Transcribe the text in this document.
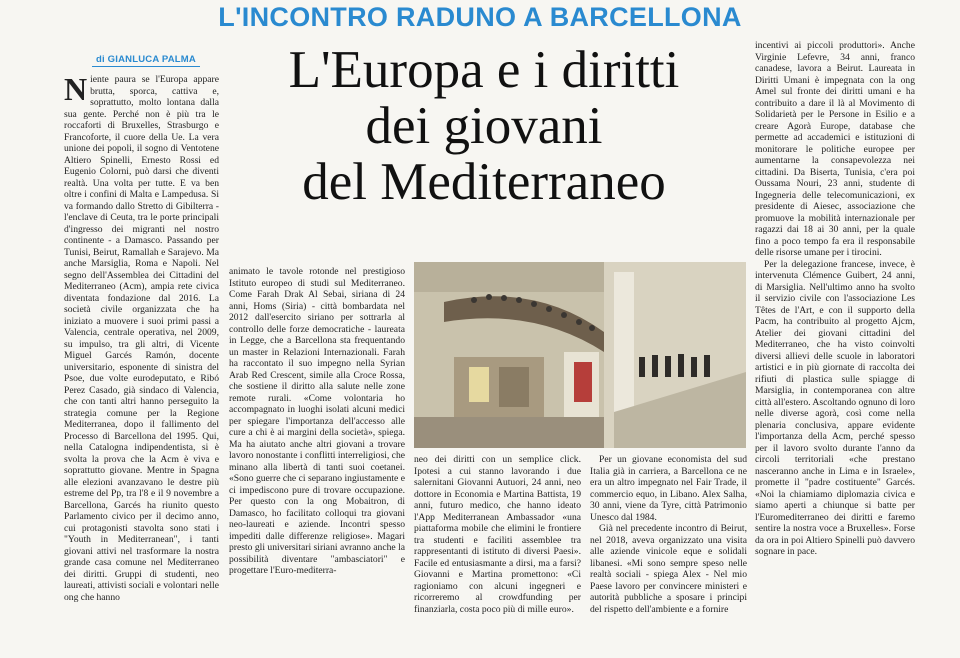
L'INCONTRO RADUNO A BARCELLONA
di GIANLUCA PALMA	L'Europa e i diritti
dei giovani
del Mediterraneo

Niente paura se l'Europa appare brutta, sporca, cattiva e, soprattutto, molto lontana dalla sua gente. Perché non è più tra le roccaforti di Bruxelles, Strasburgo e Francoforte, il cuore della Ue. La vera unione dei popoli, il sogno di Ventotene Altiero Spinelli, Ernesto Rossi ed Eugenio Colorni, può darsi che diventi realtà. Una volta per tutte. E va ben oltre i confini di Malta e Lampedusa. Si va formando dallo Stretto di Gibilterra - l'enclave di Ceuta, tra le porte principali d'ingresso dei migranti nel nostro continente - a Damasco. Passando per Tunisi, Beirut, Ramallah e Sarajevo. Ma anche Marsiglia, Roma e Napoli. Nel segno dell'Assemblea dei Cittadini del Mediterraneo (Acm), ampia rete civica diventata fondazione dal 2016. La società civile organizzata che ha iniziato a muovere i suoi primi passi a Valencia, centrale operativa, nel 2009, su impulso, tra gli altri, di Vicente Miguel Garcés Ramón, docente universitario, esponente di sinistra del Psoe, due volte eurodeputato, e Ribó Perez Casado, già sindaco di Valencia, che con tanti altri hanno perseguito la strategia comune per la Regione Mediterranea, dopo il fallimento del Processo di Barcellona del 1995. Qui, nella Catalogna indipendentista, si è svolta la prova che la Acm è viva e soprattutto giovane. Mentre in Spagna alle elezioni avanzavano le destre più estreme del Pp, tra l'8 e il 9 novembre a Barcellona, Garcés ha riunito questo Parlamento civico per il decimo anno, cui protagonisti stavolta sono stati i "Youth in Mediterranean", i tanti giovani attivi nel trasformare la nostra grande casa comune nel Mediterraneo dei diritti. Gruppi di studenti, neo laureati, attivisti sociali e volontari nelle ong che hanno

animato le tavole rotonde nel prestigioso Istituto europeo di studi sul Mediterraneo. Come Farah Drak Al Sebai, siriana di 24 anni, Homs (Siria) - città bombardata nel 2012 dall'esercito siriano per sottrarla al controllo delle forze democratiche - laureata in Legge, che a Barcellona sta frequentando un master in Relazioni Internazionali. Farah ha raccontato il suo impegno nella Syrian Arab Red Crescent, simile alla Croce Rossa, che sostiene il diritto alla salute nelle zone remote rurali. «Come volontaria ho accompagnato in luoghi isolati alcuni medici per spiegare l'importanza dell'accesso alle cure a chi è ai margini della società», spiega. Ma ha aiutato anche altri giovani a trovare lavoro nonostante i conflitti interreligiosi, che minano alla libertà di tanti suoi coetanei. «Sono guerre che ci separano ingiustamente e ci impediscono pure di trovare occupazione. Per questo con la ong Mobaitron, di Damasco, ho facilitato colloqui tra giovani neo-laureati e aziende. Incontri spesso impediti dalle differenze religiose». Magari presto gli universitari siriani avranno anche la possibilità diventare "ambasciatori" e progettare l'Euro-mediterra-

neo dei diritti con un semplice click. Ipotesi a cui stanno lavorando i due salernitani Giovanni Autuori, 24 anni, neo dottore in Economia e Martina Battista, 19 anni, futuro medico, che hanno ideato l'App Mediterranean Ambassador «una piattaforma mobile che elimini le frontiere tra studenti e faciliti assemblee tra rappresentanti di istituto di diversi Paesi». Facile ed entusiasmante a dirsi, ma a farsi? Giovanni e Martina promettono: «Ci ragioniamo con alcuni ingegneri e ricorreremo al crowdfunding per finanziarla, costa poco più di mille euro».

Per un giovane economista del sud Italia già in carriera, a Barcellona ce ne era un altro impegnato nel Fair Trade, il commercio equo, in Libano. Alex Salha, 30 anni, viene da Tyre, città Patrimonio Unesco dal 1984.

Già nel precedente incontro di Beirut, nel 2018, aveva organizzato una visita alle aziende vinicole eque e solidali libanesi. «Mi sono sempre speso nelle realtà sociali - spiega Alex - Nel mio Paese lavoro per convincere ministeri e autorità pubbliche a sposare i principi del rispetto dell'ambiente e a fornire

incentivi ai piccoli produttori». Anche Virginie Lefevre, 34 anni, franco canadese, lavora a Beirut. Laureata in Diritti Umani è impegnata con la ong Amel sul fronte dei diritti umani e ha contribuito a dare il là al Movimento di Solidarietà per le Persone in Esilio e a creare Agorà Europe, database che permette ad accademici e istituzioni di monitorare le politiche europee per aumentarne la consapevolezza nei cittadini. Da Biserta, Tunisia, c'era poi Oussama Nouri, 23 anni, studente di Ingegneria delle telecomunicazioni, ex presidente di Aiesec, associazione che promuove la mobilità internazionale per ragazzi dai 18 ai 30 anni, per la quale fino a poco tempo fa era il responsabile delle risorse umane per i tirocini.

Per la delegazione francese, invece, è intervenuta Clémence Guibert, 24 anni, di Marsiglia. Nell'ultimo anno ha svolto il servizio civile con l'associazione Les Têtes de l'Art, e con il supporto della Pacm, ha contribuito al progetto Ajcm, Atelier dei giovani cittadini del Mediterraneo, che ha visto coinvolti diversi allievi delle scuole in laboratori artistici e in più giornate di raccolta dei rifiuti di plastica sulle spiagge di Marsiglia, in contemporanea con altre città all'estero. Ascoltando ognuno di loro nelle diverse agorà, così come nella plenaria conclusiva, appare evidente l'importanza della Acm, perché spesso per il lavoro svolto durante l'anno da circoli territoriali «che prestano nasceranno anche in Lima e in Israele», promette il "padre costituente" Garcés. «Noi la chiamiamo diplomazia civica e siamo aperti a chiunque si batte per l'Euromediterraneo dei diritti e faremo sentire la nostra voce a Bruxelles». Forse da ora in poi Altiero Spinelli può davvero sognare in pace.
